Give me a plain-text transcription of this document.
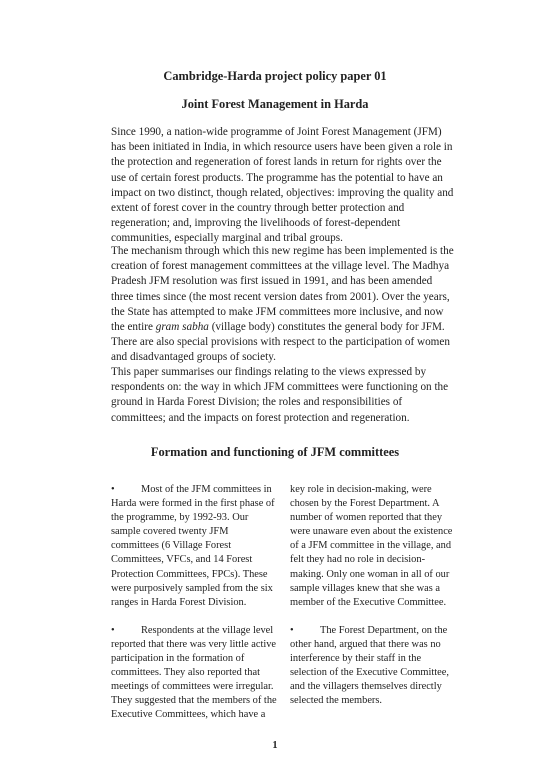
Cambridge-Harda project policy paper 01

Joint Forest Management in Harda

Since 1990, a nation-wide programme of Joint Forest Management (JFM) has been initiated in India, in which resource users have been given a role in the protection and regeneration of forest lands in return for rights over the use of certain forest products. The programme has the potential to have an impact on two distinct, though related, objectives: improving the quality and extent of forest cover in the country through better protection and regeneration; and, improving the livelihoods of forest-dependent communities, especially marginal and tribal groups.

The mechanism through which this new regime has been implemented is the creation of forest management committees at the village level. The Madhya Pradesh JFM resolution was first issued in 1991, and has been amended three times since (the most recent version dates from 2001). Over the years, the State has attempted to make JFM committees more inclusive, and now the entire gram sabha (village body) constitutes the general body for JFM. There are also special provisions with respect to the participation of women and disadvantaged groups of society.

This paper summarises our findings relating to the views expressed by respondents on: the way in which JFM committees were functioning on the ground in Harda Forest Division; the roles and responsibilities of committees; and the impacts on forest protection and regeneration.

Formation and functioning of JFM committees

•	Most of the JFM committees in Harda were formed in the first phase of the programme, by 1992-93. Our sample covered twenty JFM committees (6 Village Forest Committees, VFCs, and 14 Forest Protection Committees, FPCs). These were purposively sampled from the six ranges in Harda Forest Division.

•	Respondents at the village level reported that there was very little active participation in the formation of committees. They also reported that meetings of committees were irregular. They suggested that the members of the Executive Committees, which have a

key role in decision-making, were chosen by the Forest Department. A number of women reported that they were unaware even about the existence of a JFM committee in the village, and felt they had no role in decision-making. Only one woman in all of our sample villages knew that she was a member of the Executive Committee.

•	The Forest Department, on the other hand, argued that there was no interference by their staff in the selection of the Executive Committee, and the villagers themselves directly selected the members.

1
